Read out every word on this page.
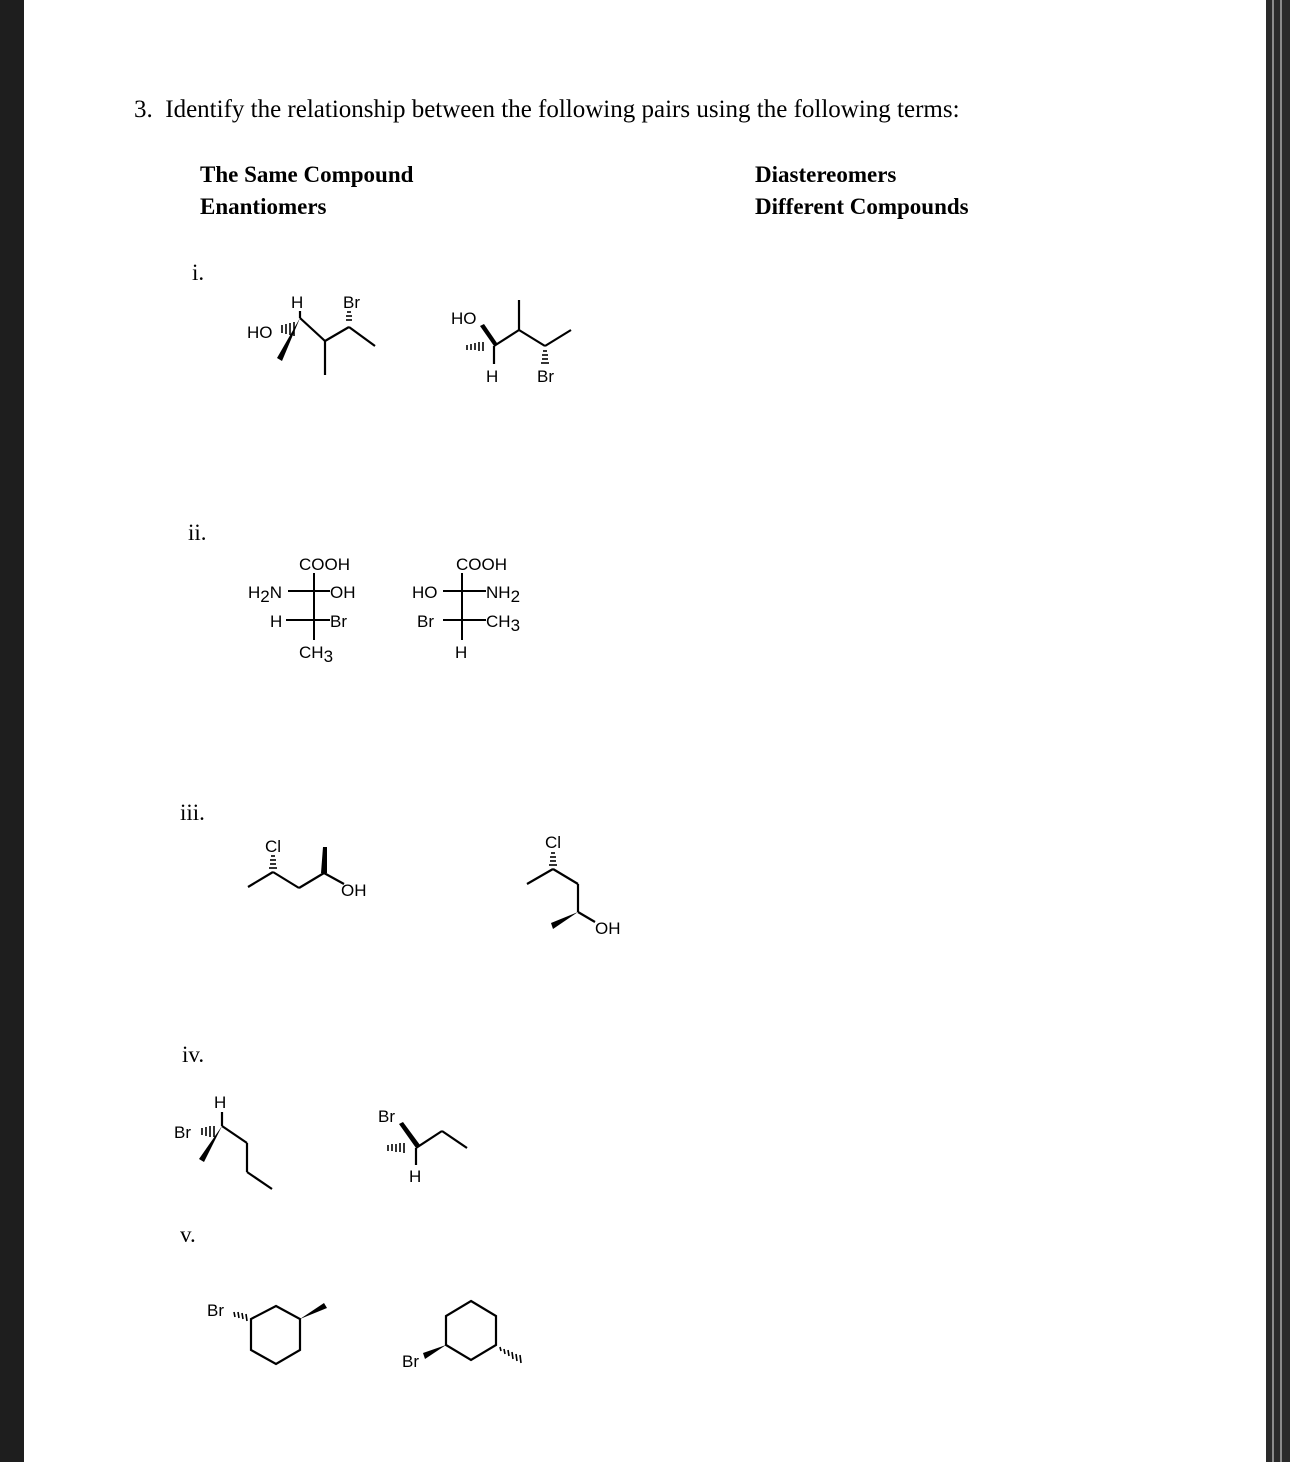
3. Identify the relationship between the following pairs using the following terms:
The Same Compound
Enantiomers
Diastereomers
Different Compounds
i.
ii.
iii.
iv.
v.
H Br
HO
HO
H Br
COOH
H2N	OH
H	Br
CH3
COOH
HO	NH2
Br	CH3
H
Cl
OH
Cl
OH
H
Br
Br
H
Br
Br
